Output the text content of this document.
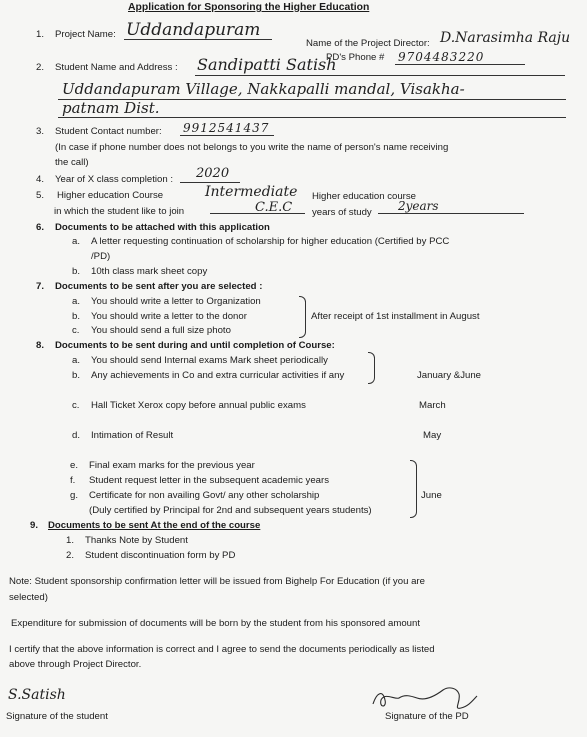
Application for Sponsoring the Higher Education
1. Project Name: Uddandapuram
Name of the Project Director: D.Narasimha Raju
PD's Phone # 9704483220
2. Student Name and Address : Sandipatti Satish
Uddandapuram Village, Nakkapalli mandal, Visakha-
patnam Dist.
3. Student Contact number: 9912541437
(In case if phone number does not belongs to you write the name of person's name receiving
the call)
4. Year of X class completion : 2020
5. Higher education Course
in which the student like to join
Intermediate
C.E.C
Higher education course
years of study 2years
6. Documents to be attached with this application
a. A letter requesting continuation of scholarship for higher education (Certified by PCC
/PD)
b. 10th class mark sheet copy
7. Documents to be sent after you are selected :
a. You should write a letter to Organization
b. You should write a letter to the donor
c. You should send a full size photo
After receipt of 1st installment in August
8. Documents to be sent during and until completion of Course:
a. You should send Internal exams Mark sheet periodically
b. Any achievements in Co and extra curricular activities if any	January &June
c. Hall Ticket Xerox copy before annual public exams	March
d. Intimation of Result	May
e. Final exam marks for the previous year
f. Student request letter in the subsequent academic years
g. Certificate for non availing Govt/ any other scholarship
(Duly certified by Principal for 2nd and subsequent years students)
June
9. Documents to be sent At the end of the course
1. Thanks Note by Student
2. Student discontinuation form by PD
Note: Student sponsorship confirmation letter will be issued from Bighelp For Education (if you are
selected)
Expenditure for submission of documents will be born by the student from his sponsored amount
I certify that the above information is correct and I agree to send the documents periodically as listed
above through Project Director.
S.Satish
Signature of the student	Signature of the PD
